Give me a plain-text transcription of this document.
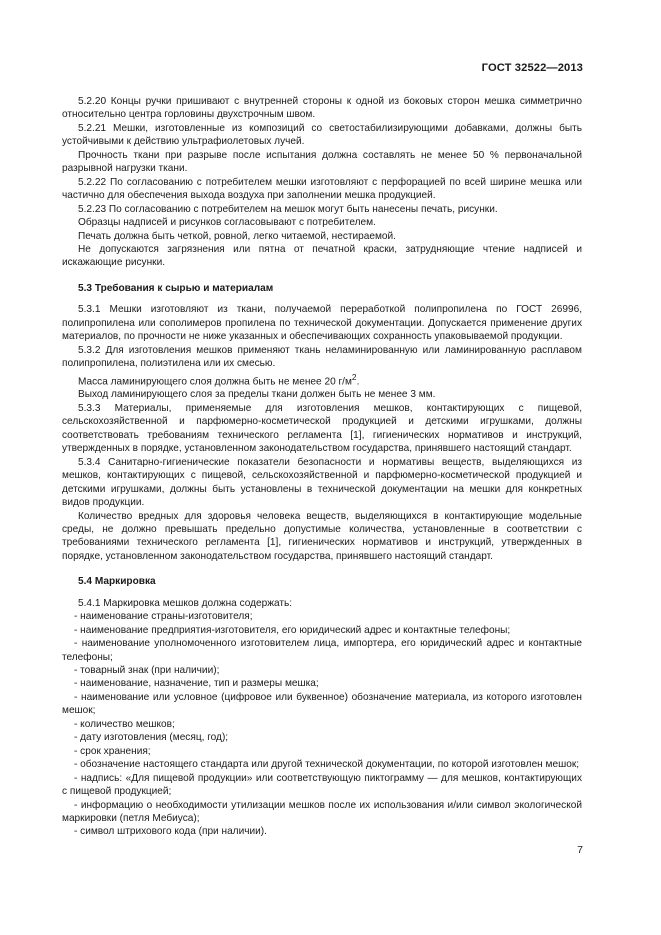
ГОСТ 32522—2013

5.2.20 Концы ручки пришивают с внутренней стороны к одной из боковых сторон мешка симметрично относительно центра горловины двухстрочным швом.

5.2.21 Мешки, изготовленные из композиций со светостабилизирующими добавками, должны быть устойчивыми к действию ультрафиолетовых лучей.

Прочность ткани при разрыве после испытания должна составлять не менее 50 % первоначальной разрывной нагрузки ткани.

5.2.22 По согласованию с потребителем мешки изготовляют с перфорацией по всей ширине мешка или частично для обеспечения выхода воздуха при заполнении мешка продукцией.

5.2.23 По согласованию с потребителем на мешок могут быть нанесены печать, рисунки.

Образцы надписей и рисунков согласовывают с потребителем.

Печать должна быть четкой, ровной, легко читаемой, нестираемой.

Не допускаются загрязнения или пятна от печатной краски, затрудняющие чтение надписей и искажающие рисунки.

5.3 Требования к сырью и материалам

5.3.1 Мешки изготовляют из ткани, получаемой переработкой полипропилена по ГОСТ 26996, полипропилена или сополимеров пропилена по технической документации. Допускается применение других материалов, по прочности не ниже указанных и обеспечивающих сохранность упаковываемой продукции.

5.3.2 Для изготовления мешков применяют ткань неламинированную или ламинированную расплавом полипропилена, полиэтилена или их смесью.

Масса ламинирующего слоя должна быть не менее 20 $г/м^2$.

Выход ламинирующего слоя за пределы ткани должен быть не менее 3 мм.

5.3.3 Материалы, применяемые для изготовления мешков, контактирующих с пищевой, сельскохозяйственной и парфюмерно-косметической продукцией и детскими игрушками, должны соответствовать требованиям технического регламента [1], гигиенических нормативов и инструкций, утвержденных в порядке, установленном законодательством государства, принявшего настоящий стандарт.

5.3.4 Санитарно-гигиенические показатели безопасности и нормативы веществ, выделяющихся из мешков, контактирующих с пищевой, сельскохозяйственной и парфюмерно-косметической продукцией и детскими игрушками, должны быть установлены в технической документации на мешки для конкретных видов продукции.

Количество вредных для здоровья человека веществ, выделяющихся в контактирующие модельные среды, не должно превышать предельно допустимые количества, установленные в соответствии с требованиями технического регламента [1], гигиенических нормативов и инструкций, утвержденных в порядке, установленном законодательством государства, принявшего настоящий стандарт.

5.4 Маркировка

5.4.1 Маркировка мешков должна содержать:

- наименование страны-изготовителя;

- наименование предприятия-изготовителя, его юридический адрес и контактные телефоны;

- наименование уполномоченного изготовителем лица, импортера, его юридический адрес и контактные телефоны;

- товарный знак (при наличии);

- наименование, назначение, тип и размеры мешка;

- наименование или условное (цифровое или буквенное) обозначение материала, из которого изготовлен мешок;

- количество мешков;

- дату изготовления (месяц, год);

- срок хранения;

- обозначение настоящего стандарта или другой технической документации, по которой изготовлен мешок;

- надпись: «Для пищевой продукции» или соответствующую пиктограмму — для мешков, контактирующих с пищевой продукцией;

- информацию о необходимости утилизации мешков после их использования и/или символ экологической маркировки (петля Мебиуса);

- символ штрихового кода (при наличии).

7
